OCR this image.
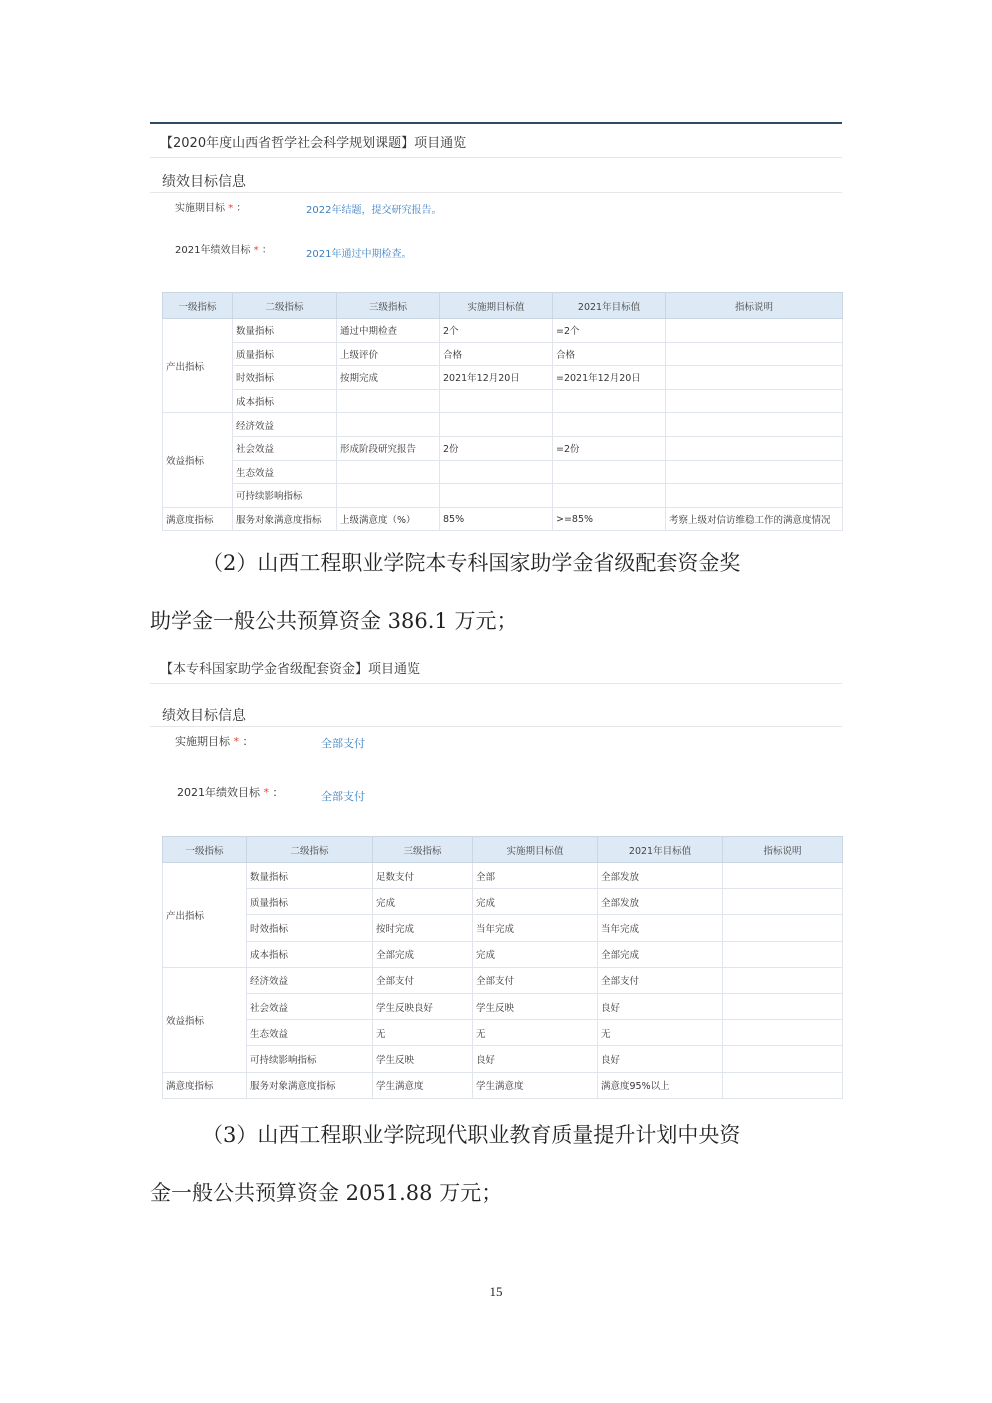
【2020年度山西省哲学社会科学规划课题】项目通览
绩效目标信息
实施期目标 * ：	2022年结题，提交研究报告。
2021年绩效目标 * ：	2021年通过中期检查。
一级指标	二级指标	三级指标	实施期目标值	2021年目标值	指标说明
产出指标	数量指标	通过中期检查	2个	=2个	
	质量指标	上级评价	合格	合格	
	时效指标	按期完成	2021年12月20日	=2021年12月20日	
	成本指标				
效益指标	经济效益				
	社会效益	形成阶段研究报告	2份	=2份	
	生态效益				
	可持续影响指标				
满意度指标	服务对象满意度指标	上级满意度（%）	85%	>=85%	考察上级对信访维稳工作的满意度情况
（2）山西工程职业学院本专科国家助学金省级配套资金奖
助学金一般公共预算资金 386.1 万元；
【本专科国家助学金省级配套资金】项目通览
绩效目标信息
实施期目标 * ：	全部支付
2021年绩效目标 * ：	全部支付
一级指标	二级指标	三级指标	实施期目标值	2021年目标值	指标说明
产出指标	数量指标	足数支付	全部	全部发放	
	质量指标	完成	完成	全部发放	
	时效指标	按时完成	当年完成	当年完成	
	成本指标	全部完成	完成	全部完成	
效益指标	经济效益	全部支付	全部支付	全部支付	
	社会效益	学生反映良好	学生反映	良好	
	生态效益	无	无	无	
	可持续影响指标	学生反映	良好	良好	
满意度指标	服务对象满意度指标	学生满意度	学生满意度	满意度95%以上	
（3）山西工程职业学院现代职业教育质量提升计划中央资
金一般公共预算资金 2051.88 万元；
15
